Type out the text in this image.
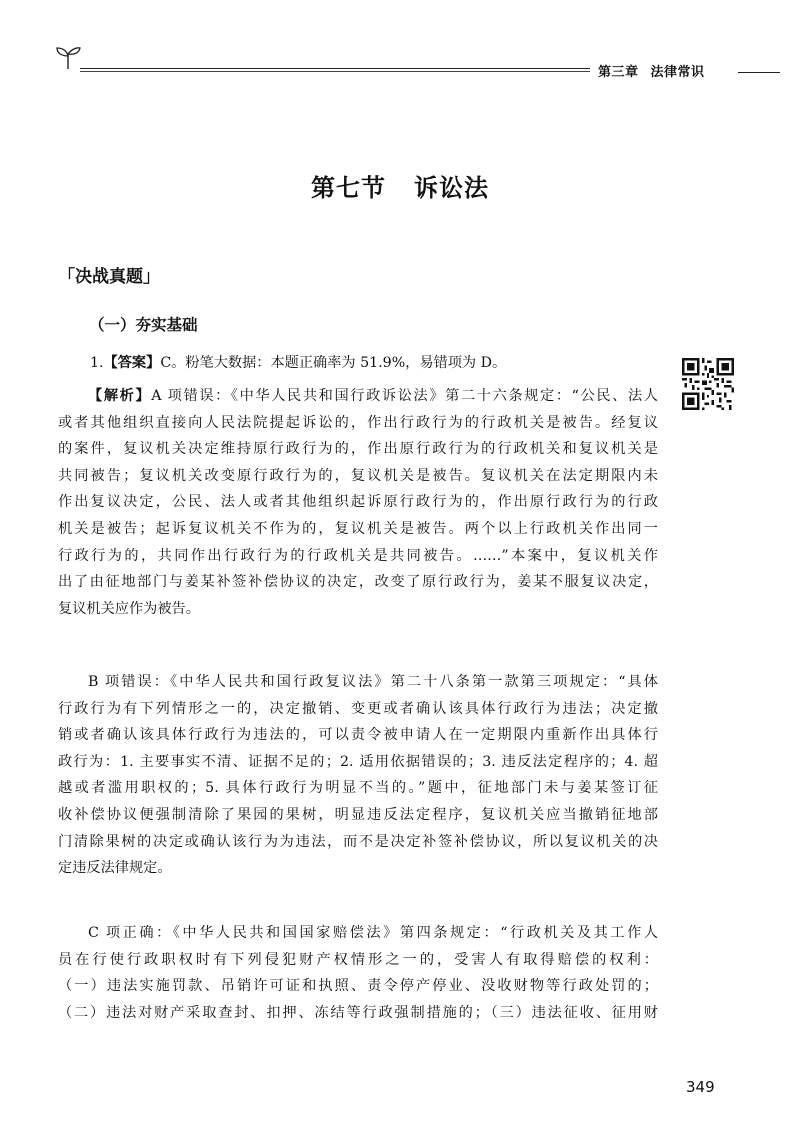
第三章 法律常识
第七节 诉讼法
「决战真题」
（一）夯实基础
1.【答案】C。粉笔大数据：本题正确率为 51.9%，易错项为 D。
【解析】A 项错误：《中华人民共和国行政诉讼法》第二十六条规定：“公民、法人
或者其他组织直接向人民法院提起诉讼的，作出行政行为的行政机关是被告。经复议
的案件，复议机关决定维持原行政行为的，作出原行政行为的行政机关和复议机关是
共同被告；复议机关改变原行政行为的，复议机关是被告。复议机关在法定期限内未
作出复议决定，公民、法人或者其他组织起诉原行政行为的，作出原行政行为的行政
机关是被告；起诉复议机关不作为的，复议机关是被告。两个以上行政机关作出同一
行政行为的，共同作出行政行为的行政机关是共同被告。……”本案中，复议机关作
出了由征地部门与姜某补签补偿协议的决定，改变了原行政行为，姜某不服复议决定，
复议机关应作为被告。
B 项错误：《中华人民共和国行政复议法》第二十八条第一款第三项规定：“具体
行政行为有下列情形之一的，决定撤销、变更或者确认该具体行政行为违法；决定撤
销或者确认该具体行政行为违法的，可以责令被申请人在一定期限内重新作出具体行
政行为：1. 主要事实不清、证据不足的；2. 适用依据错误的；3. 违反法定程序的；4. 超
越或者滥用职权的；5. 具体行政行为明显不当的。”题中，征地部门未与姜某签订征
收补偿协议便强制清除了果园的果树，明显违反法定程序，复议机关应当撤销征地部
门清除果树的决定或确认该行为为违法，而不是决定补签补偿协议，所以复议机关的决
定违反法律规定。
C 项正确：《中华人民共和国国家赔偿法》第四条规定：“行政机关及其工作人
员在行使行政职权时有下列侵犯财产权情形之一的，受害人有取得赔偿的权利：
（一）违法实施罚款、吊销许可证和执照、责令停产停业、没收财物等行政处罚的；
（二）违法对财产采取查封、扣押、冻结等行政强制措施的；（三）违法征收、征用财
349
